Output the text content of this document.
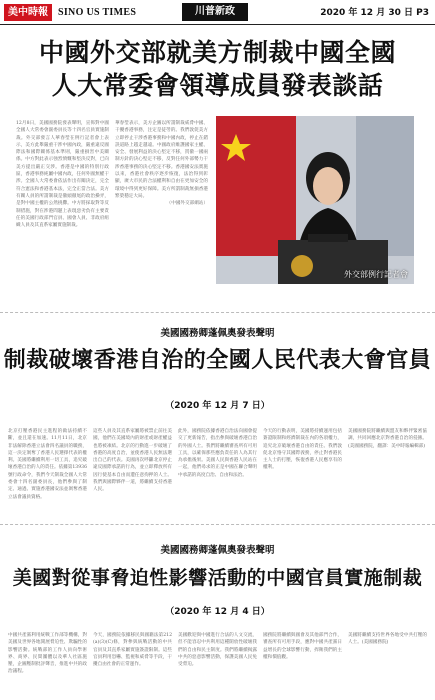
美中時報	SINO US TIMES	川普新政	2020 年 12 月 30 日 P3
中國外交部就美方制裁中國全國
人大常委會領導成員發表談話
12月8日，美國國務院發表聲明，宣佈對中國全國人大常委會副委員長等十四名官員實施制裁。外交部發言人華春瑩在例行記者會上表示，美方此舉嚴重干涉中國內政，嚴重違反國際法和國際關係基本準則，嚴重損害中美關係。中方對此表示強烈憤慨和堅決反對，已向美方提出嚴正交涉。香港是中國的特別行政區，香港事務純屬中國內政，任何外國無權干涉。全國人大常委會依法作出有關決定，完全符合憲法和香港基本法，完全正當合法。美方有關人員的所謂制裁是徹頭徹尾的政治操弄，是對中國主權的公然挑釁。中方將採取對等反制措施，對在涉港問題上表現惡劣負有主要責任的美國行政部門官員、國會人員、非政府組織人員及其直系家屬實施制裁。
華春瑩表示，美方企圖以所謂制裁威脅中國、干擾香港事務，注定是徒勞的。我們敦促美方立即停止干涉香港事務和中國內政，停止在錯誤道路上越走越遠。中國政府維護國家主權、安全、發展利益的決心堅定不移，貫徹一國兩制方針的決心堅定不移，反對任何外部勢力干涉香港事務的決心堅定不移。香港國安法實施以來，香港社會秩序逐步恢復，法治得到彰顯，廣大市民的合法權利和自由在更加安全的環境中得到更好保障。美方所謂制裁無損香港繁榮穩定大局。
（中國外交部網站）
外交部例行記者會
美國國務卿蓬佩奧發表聲明
制裁破壞香港自治的全國人民代表大會官員
（2020 年 12 月 7 日）
北京打壓香港民主進程的做法持續不斷，並且還在加速。11月11日，北京非法解除香港立法會四名議員的職務，這一決定剝奪了香港人民選擇代表的權利。美國將繼續利用一切工具，追究破壞香港自治的人的責任。依據第13936號行政命令，我們今天制裁全國人大常委會十四名副委員長，他們參與了制定、通過、實施香港國安法並剝奪香港立法會議員資格。
這些人員及其直系家屬將被禁止前往美國，他們在美國境內的財產或財產權益也將被凍結。北京的行動進一步破壞了香港的高度自治，並使香港人民無法選出自己的代表。美國再次呼籲北京停止違反國際承諾的行為，並立即釋放所有因行使基本自由而遭任意拘押的人士。我們與國際夥伴一道，將繼續支持香港人民。
此外，國務院依據香港自治法向國會提交了更新報告，指出參與破壞香港自治的外國人士。我們將繼續審查所有可用工具，以確保那些應負責任的人為其行為承擔後果。美國人民與香港人民站在一起，他們尋求的正是中國在聯合聲明中承諾的高度自治、自由和法治。
今天的行動表明，美國將持續運用包括簽證限制和經濟制裁在內的各項權力，追究北京破壞香港自由的責任。我們敦促北京恪守其國際義務，停止對香港民主人士的打壓，恢復香港人民應享有的權利。
美國國務院將繼續與盟友和夥伴緊密協調，共同回應北京對香港自治的侵蝕。(美國國務院，翻譯：美中時報編輯部)
美國國務卿蓬佩奧發表聲明
美國對從事脅迫性影響活動的中國官員實施制裁
（2020 年 12 月 4 日）
中國共產黨利用統戰工作部等機構，對美國及世界各地開展脅迫性、欺騙性的影響活動。統戰部的工作人員向學術界、商界、民間團體以及華人社區施壓，企圖壓制批評聲音，推進中共的政治議程。
今天，國務院依據移民與國籍法第212(a)(3)(C)條，對參與統戰活動的中共官員及其直系家屬實施簽證限制。這些官員利用恐嚇、監視和威脅等手段，干擾自由社會的正常運作。
美國歡迎與中國進行合法的人文交流，但不能容忍中共利用這種開放性破壞我們的自由和民主制度。我們將繼續揭露中共的惡意影響活動，保護美國人民免受脅迫。
國務院將繼續與國會及其他部門合作，審查所有可用手段，應對中國共產黨日益增長的全球影響行動，捍衛我們的主權和價值觀。
美國將繼續支持世界各地受中共打壓的人士。(美國國務院)
